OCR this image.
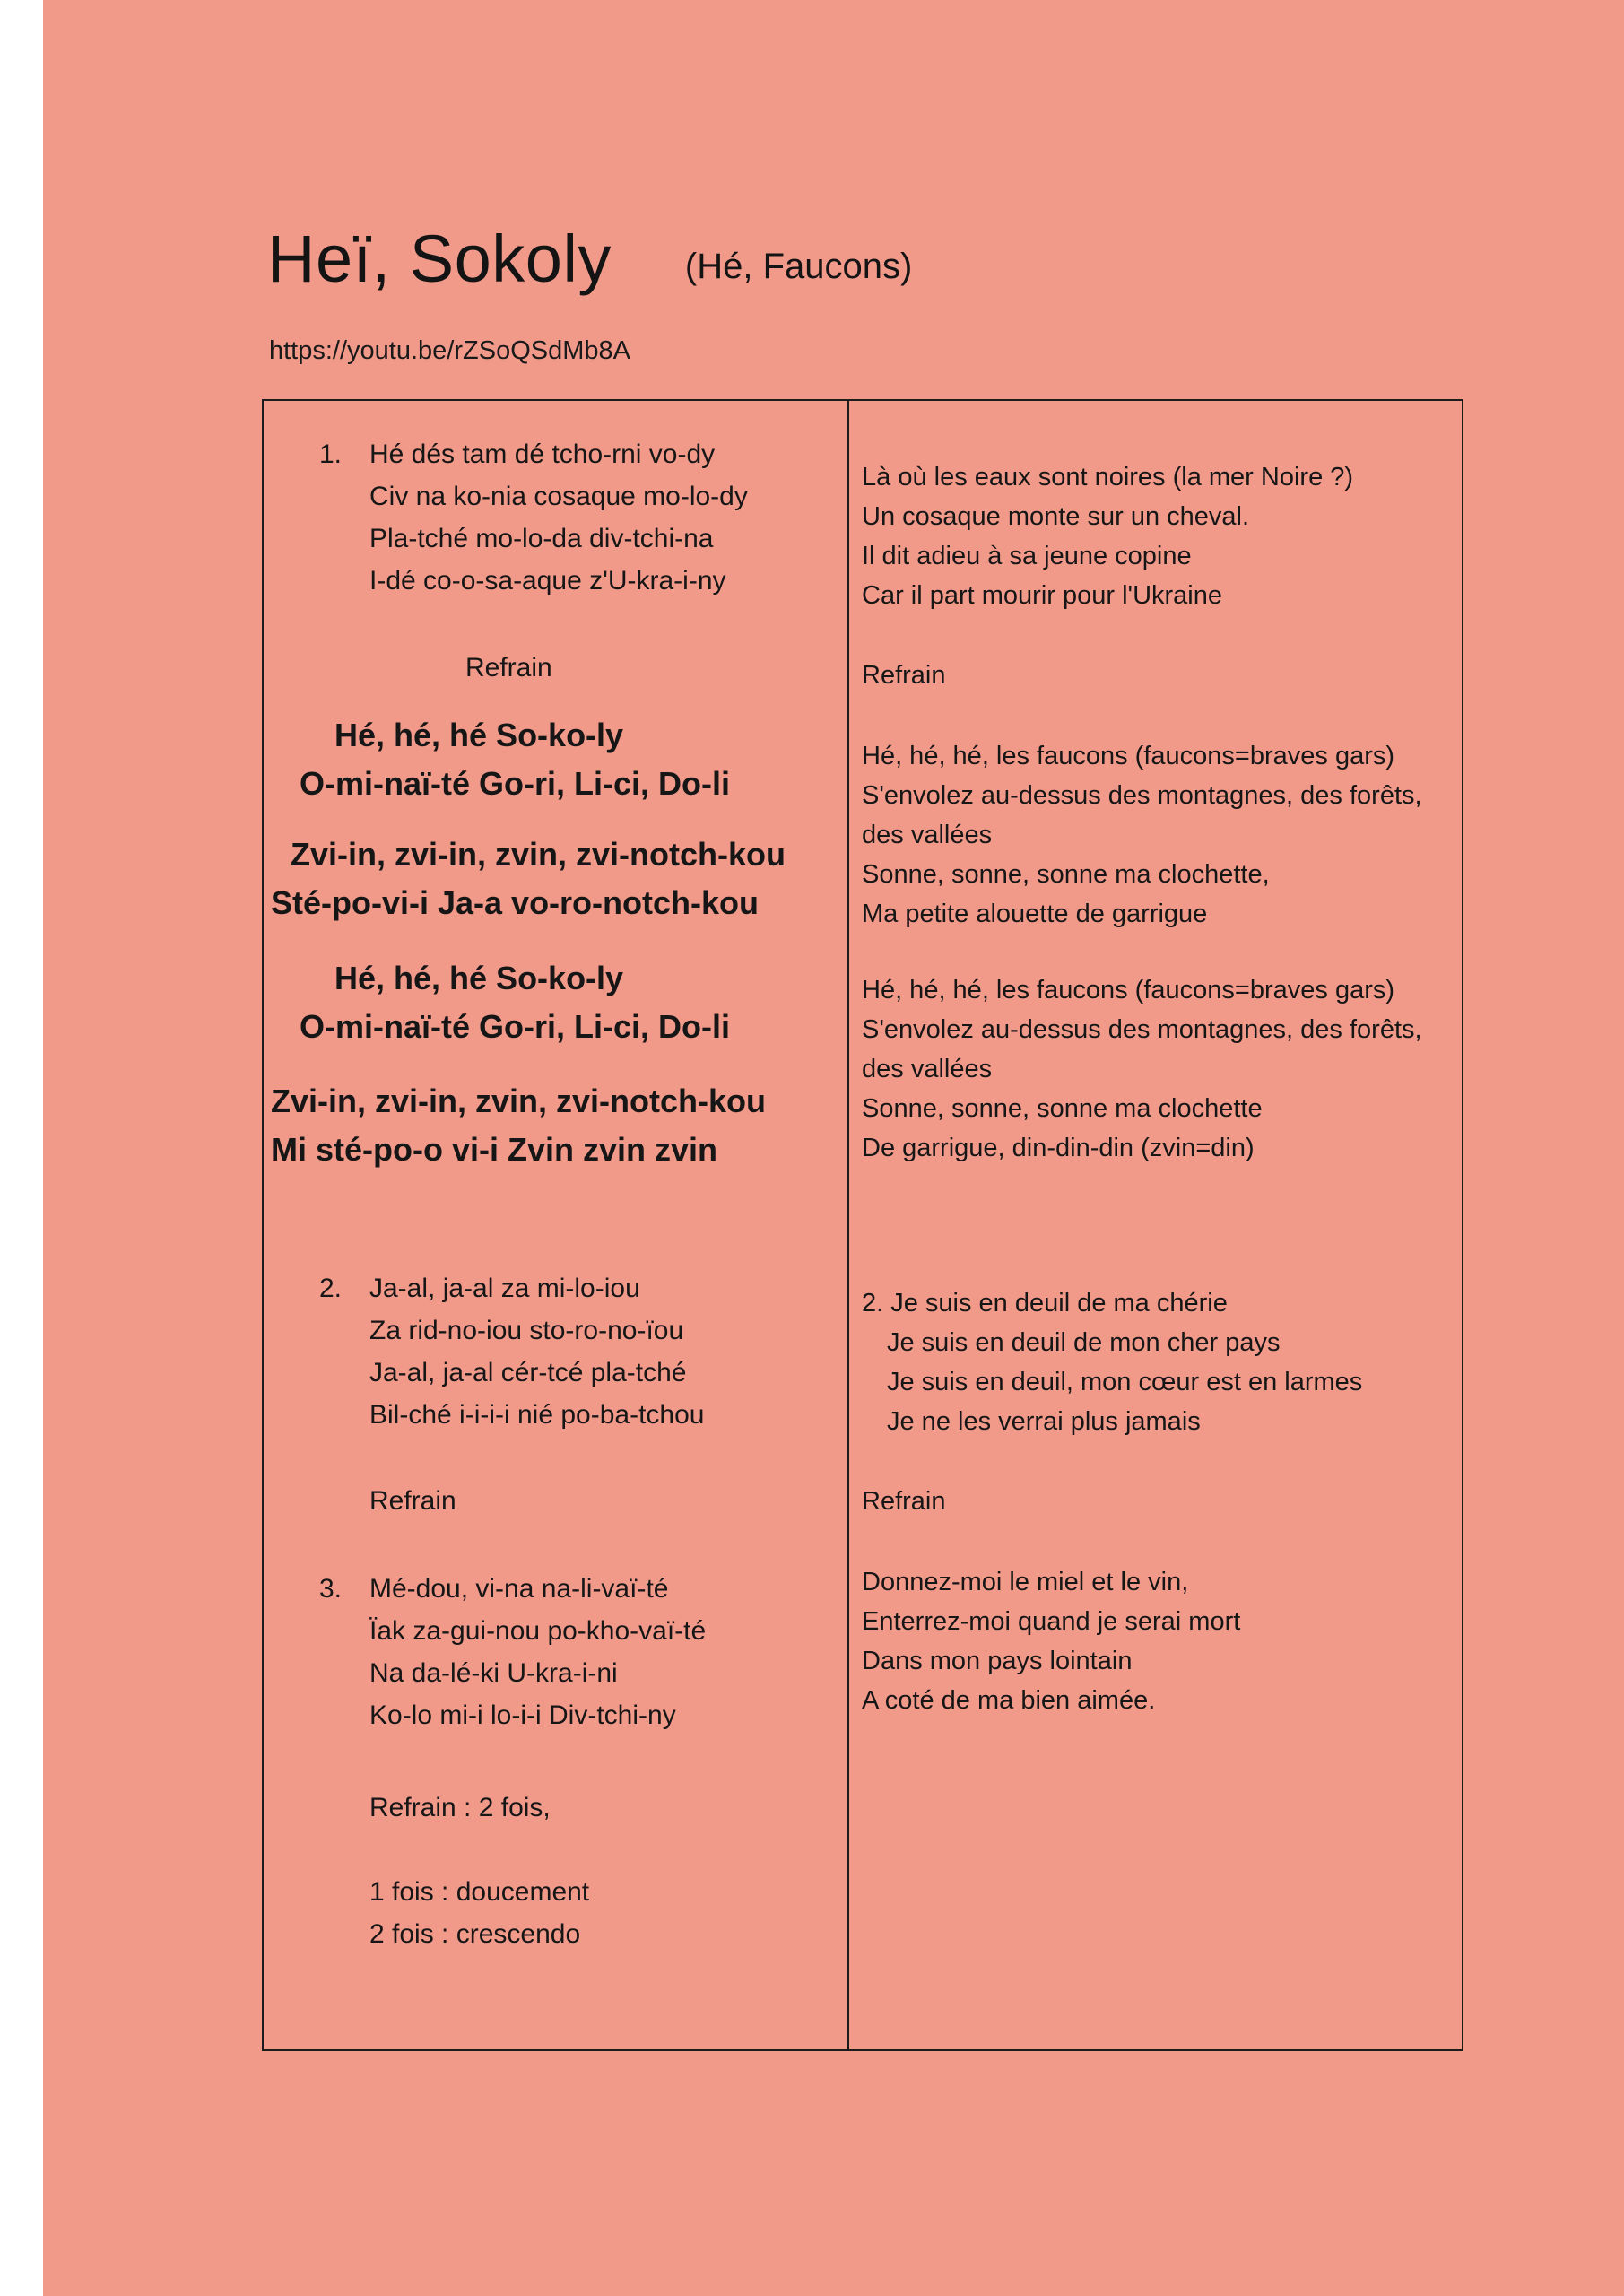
Heï, Sokoly (Hé, Faucons)
https://youtu.be/rZSoQSdMb8A
1. Hé dés tam dé tcho-rni vo-dy
Civ na ko-nia cosaque mo-lo-dy
Pla-tché mo-lo-da div-tchi-na
I-dé co-o-sa-aque z'U-kra-i-ny
Refrain
Hé, hé, hé So-ko-ly
O-mi-naï-té Go-ri, Li-ci, Do-li
Zvi-in, zvi-in, zvin, zvi-notch-kou
Sté-po-vi-i Ja-a vo-ro-notch-kou
Hé, hé, hé So-ko-ly
O-mi-naï-té Go-ri, Li-ci, Do-li
Zvi-in, zvi-in, zvin, zvi-notch-kou
Mi sté-po-o vi-i Zvin zvin zvin
2. Ja-al, ja-al za mi-lo-iou
Za rid-no-iou sto-ro-no-ïou
Ja-al, ja-al cér-tcé pla-tché
Bil-ché i-i-i-i nié po-ba-tchou
Refrain
3. Mé-dou, vi-na na-li-vaï-té
Ïak za-gui-nou po-kho-vaï-té
Na da-lé-ki U-kra-i-ni
Ko-lo mi-i lo-i-i Div-tchi-ny
Refrain : 2 fois,
1 fois : doucement
2 fois : crescendo
Là où les eaux sont noires (la mer Noire ?)
Un cosaque monte sur un cheval.
Il dit adieu à sa jeune copine
Car il part mourir pour l'Ukraine
Refrain
Hé, hé, hé, les faucons (faucons=braves gars)
S'envolez au-dessus des montagnes, des forêts,
des vallées
Sonne, sonne, sonne ma clochette,
Ma petite alouette de garrigue
Hé, hé, hé, les faucons (faucons=braves gars)
S'envolez au-dessus des montagnes, des forêts,
des vallées
Sonne, sonne, sonne ma clochette
De garrigue, din-din-din (zvin=din)
2. Je suis en deuil de ma chérie
Je suis en deuil de mon cher pays
Je suis en deuil, mon cœur est en larmes
Je ne les verrai plus jamais
Refrain
Donnez-moi le miel et le vin,
Enterrez-moi quand je serai mort
Dans mon pays lointain
A coté de ma bien aimée.
